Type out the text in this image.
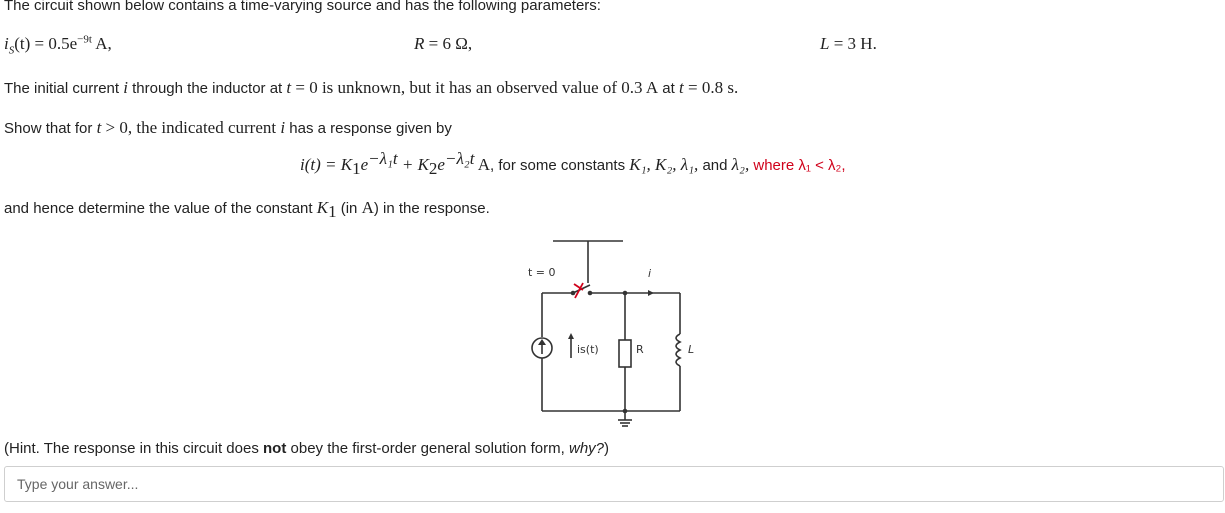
The circuit shown below contains a time-varying source and has the following parameters:
$i_S(t) = 0.5e^{-9t}$ A,	R = 6 Ω,	L = 3 H.
The initial current i through the inductor at t = 0 is unknown, but it has an observed value of 0.3 A at t = 0.8 s.
Show that for t > 0, the indicated current i has a response given by
$i(t) = K_1e^{-\lambda_1t} + K_2e^{-\lambda_2t}$ A, for some constants K₁, K₂, λ₁, and λ₂, where λ₁ < λ₂,
and hence determine the value of the constant $K_1$ (in A) in the response.
t = 0	i
is(t)	R	L
(Hint. The response in this circuit does not obey the first-order general solution form, why?)
Type your answer...
